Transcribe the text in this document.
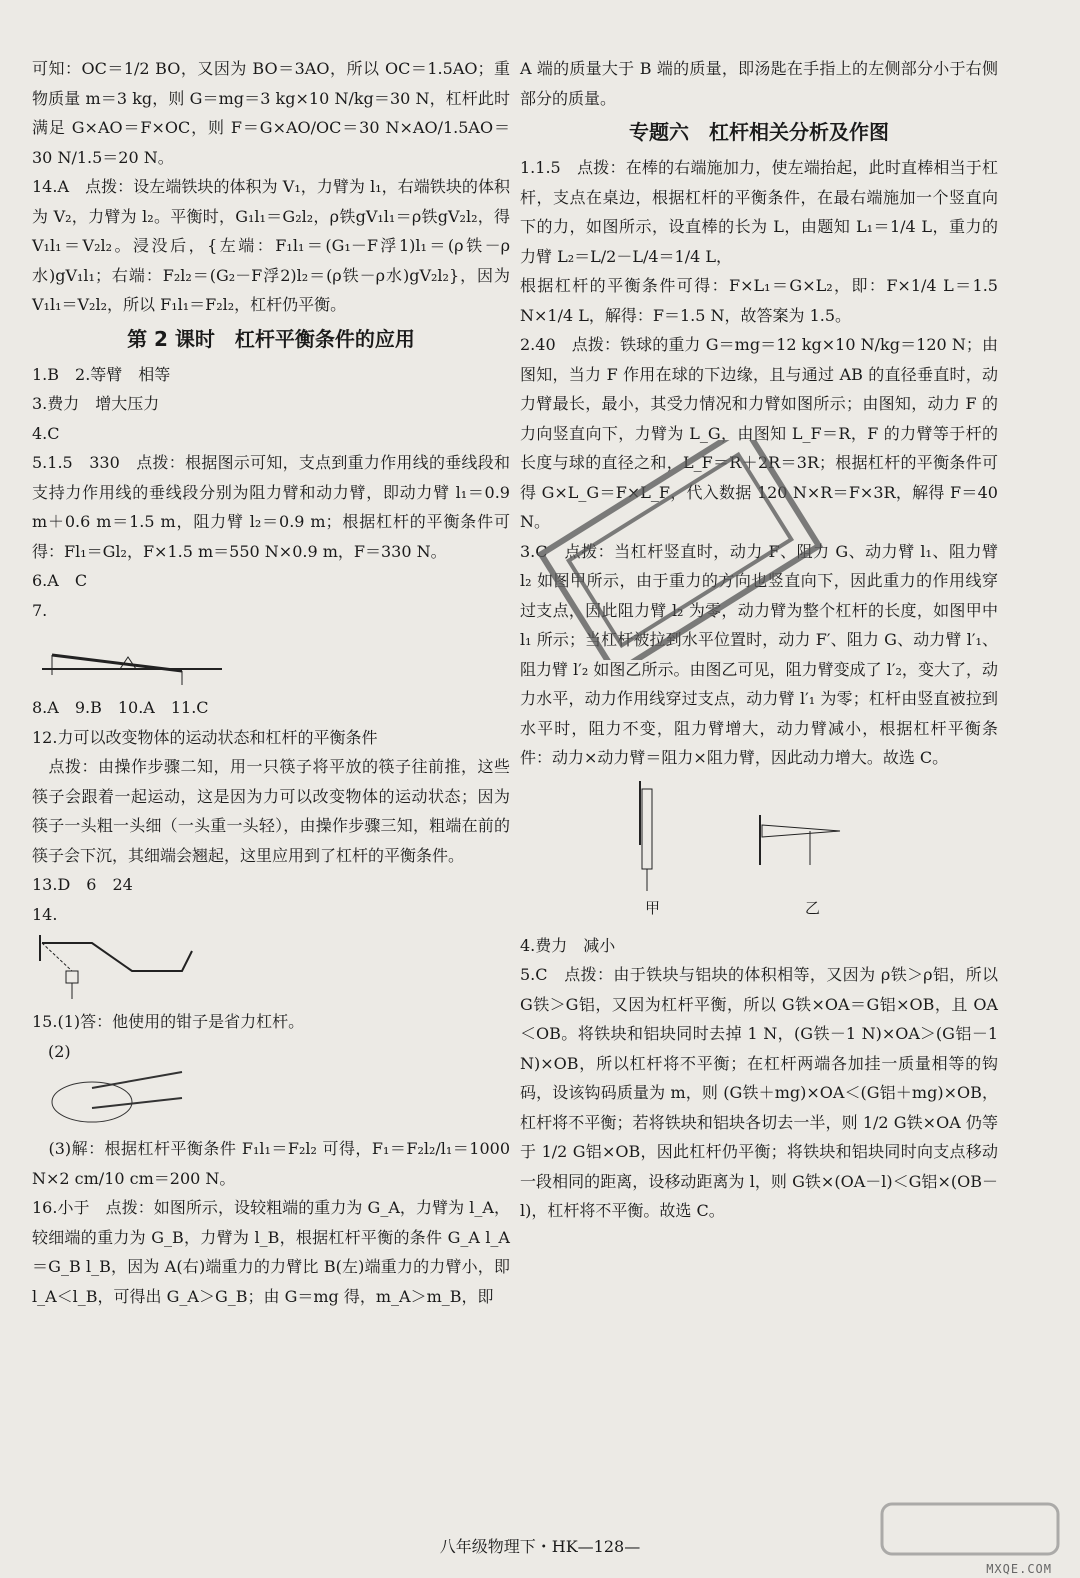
可知：OC＝1/2 BO，又因为 BO＝3AO，所以 OC＝1.5AO；重物质量 m＝3 kg，则 G＝mg＝3 kg×10 N/kg＝30 N，杠杆此时满足 G×AO＝F×OC，则 F＝G×AO/OC＝30 N×AO/1.5AO＝30 N/1.5＝20 N。

14.A　点拨：设左端铁块的体积为 V₁，力臂为 l₁，右端铁块的体积为 V₂，力臂为 l₂。平衡时，G₁l₁＝G₂l₂，ρ铁gV₁l₁＝ρ铁gV₂l₂，得 V₁l₁＝V₂l₂。浸没后，{左端：F₁l₁＝(G₁－F浮1)l₁＝(ρ铁－ρ水)gV₁l₁；右端：F₂l₂＝(G₂－F浮2)l₂＝(ρ铁－ρ水)gV₂l₂}，因为 V₁l₁＝V₂l₂，所以 F₁l₁＝F₂l₂，杠杆仍平衡。

第 2 课时　杠杆平衡条件的应用

1.B　2.等臂　相等

3.费力　增大压力

4.C

5.1.5　330　点拨：根据图示可知，支点到重力作用线的垂线段和支持力作用线的垂线段分别为阻力臂和动力臂，即动力臂 l₁＝0.9 m＋0.6 m＝1.5 m，阻力臂 l₂＝0.9 m；根据杠杆的平衡条件可得：Fl₁＝Gl₂，F×1.5 m＝550 N×0.9 m，F＝330 N。

6.A　C

7.

8.A　9.B　10.A　11.C

12.力可以改变物体的运动状态和杠杆的平衡条件

　点拨：由操作步骤二知，用一只筷子将平放的筷子往前推，这些筷子会跟着一起运动，这是因为力可以改变物体的运动状态；因为筷子一头粗一头细（一头重一头轻），由操作步骤三知，粗端在前的筷子会下沉，其细端会翘起，这里应用到了杠杆的平衡条件。

13.D　6　24

14.

15.(1)答：他使用的钳子是省力杠杆。

　(2)

　(3)解：根据杠杆平衡条件 F₁l₁＝F₂l₂ 可得，F₁＝F₂l₂/l₁＝1000 N×2 cm/10 cm＝200 N。

16.小于　点拨：如图所示，设较粗端的重力为 G_A，力臂为 l_A，较细端的重力为 G_B，力臂为 l_B，根据杠杆平衡的条件 G_A l_A＝G_B l_B，因为 A(右)端重力的力臂比 B(左)端重力的力臂小，即 l_A＜l_B，可得出 G_A＞G_B；由 G＝mg 得，m_A＞m_B，即

A 端的质量大于 B 端的质量，即汤匙在手指上的左侧部分小于右侧部分的质量。

专题六　杠杆相关分析及作图

1.1.5　点拨：在棒的右端施加力，使左端抬起，此时直棒相当于杠杆，支点在桌边，根据杠杆的平衡条件，在最右端施加一个竖直向下的力，如图所示，设直棒的长为 L，由题知 L₁＝1/4 L，重力的力臂 L₂＝L/2－L/4＝1/4 L，

根据杠杆的平衡条件可得：F×L₁＝G×L₂，即：F×1/4 L＝1.5 N×1/4 L，解得：F＝1.5 N，故答案为 1.5。

2.40　点拨：铁球的重力 G＝mg＝12 kg×10 N/kg＝120 N；由图知，当力 F 作用在球的下边缘，且与通过 AB 的直径垂直时，动力臂最长，最小，其受力情况和力臂如图所示；由图知，动力 F 的力向竖直向下，力臂为 L_G，由图知 L_F＝R，F 的力臂等于杆的长度与球的直径之和，L_F＝R＋2R＝3R；根据杠杆的平衡条件可得 G×L_G＝F×L_F，代入数据 120 N×R＝F×3R，解得 F＝40 N。

3.C　点拨：当杠杆竖直时，动力 F、阻力 G、动力臂 l₁、阻力臂 l₂ 如图甲所示，由于重力的方向也竖直向下，因此重力的作用线穿过支点，因此阻力臂 l₂ 为零，动力臂为整个杠杆的长度，如图甲中 l₁ 所示；当杠杆被拉到水平位置时，动力 F′、阻力 G、动力臂 l′₁、阻力臂 l′₂ 如图乙所示。由图乙可见，阻力臂变成了 l′₂，变大了，动力水平，动力作用线穿过支点，动力臂 l′₁ 为零；杠杆由竖直被拉到水平时，阻力不变，阻力臂增大，动力臂减小，根据杠杆平衡条件：动力×动力臂＝阻力×阻力臂，因此动力增大。故选 C。

甲	乙

4.费力　减小

5.C　点拨：由于铁块与铝块的体积相等，又因为 ρ铁＞ρ铝，所以 G铁＞G铝，又因为杠杆平衡，所以 G铁×OA＝G铝×OB，且 OA＜OB。将铁块和铝块同时去掉 1 N，(G铁－1 N)×OA＞(G铝－1 N)×OB，所以杠杆将不平衡；在杠杆两端各加挂一质量相等的钩码，设该钩码质量为 m，则 (G铁＋mg)×OA＜(G铝＋mg)×OB，杠杆将不平衡；若将铁块和铝块各切去一半，则 1/2 G铁×OA 仍等于 1/2 G铝×OB，因此杠杆仍平衡；将铁块和铝块同时向支点移动一段相同的距离，设移动距离为 l，则 G铁×(OA－l)＜G铝×(OB－l)，杠杆将不平衡。故选 C。

八年级物理下・HK—128—
MXQE.COM
